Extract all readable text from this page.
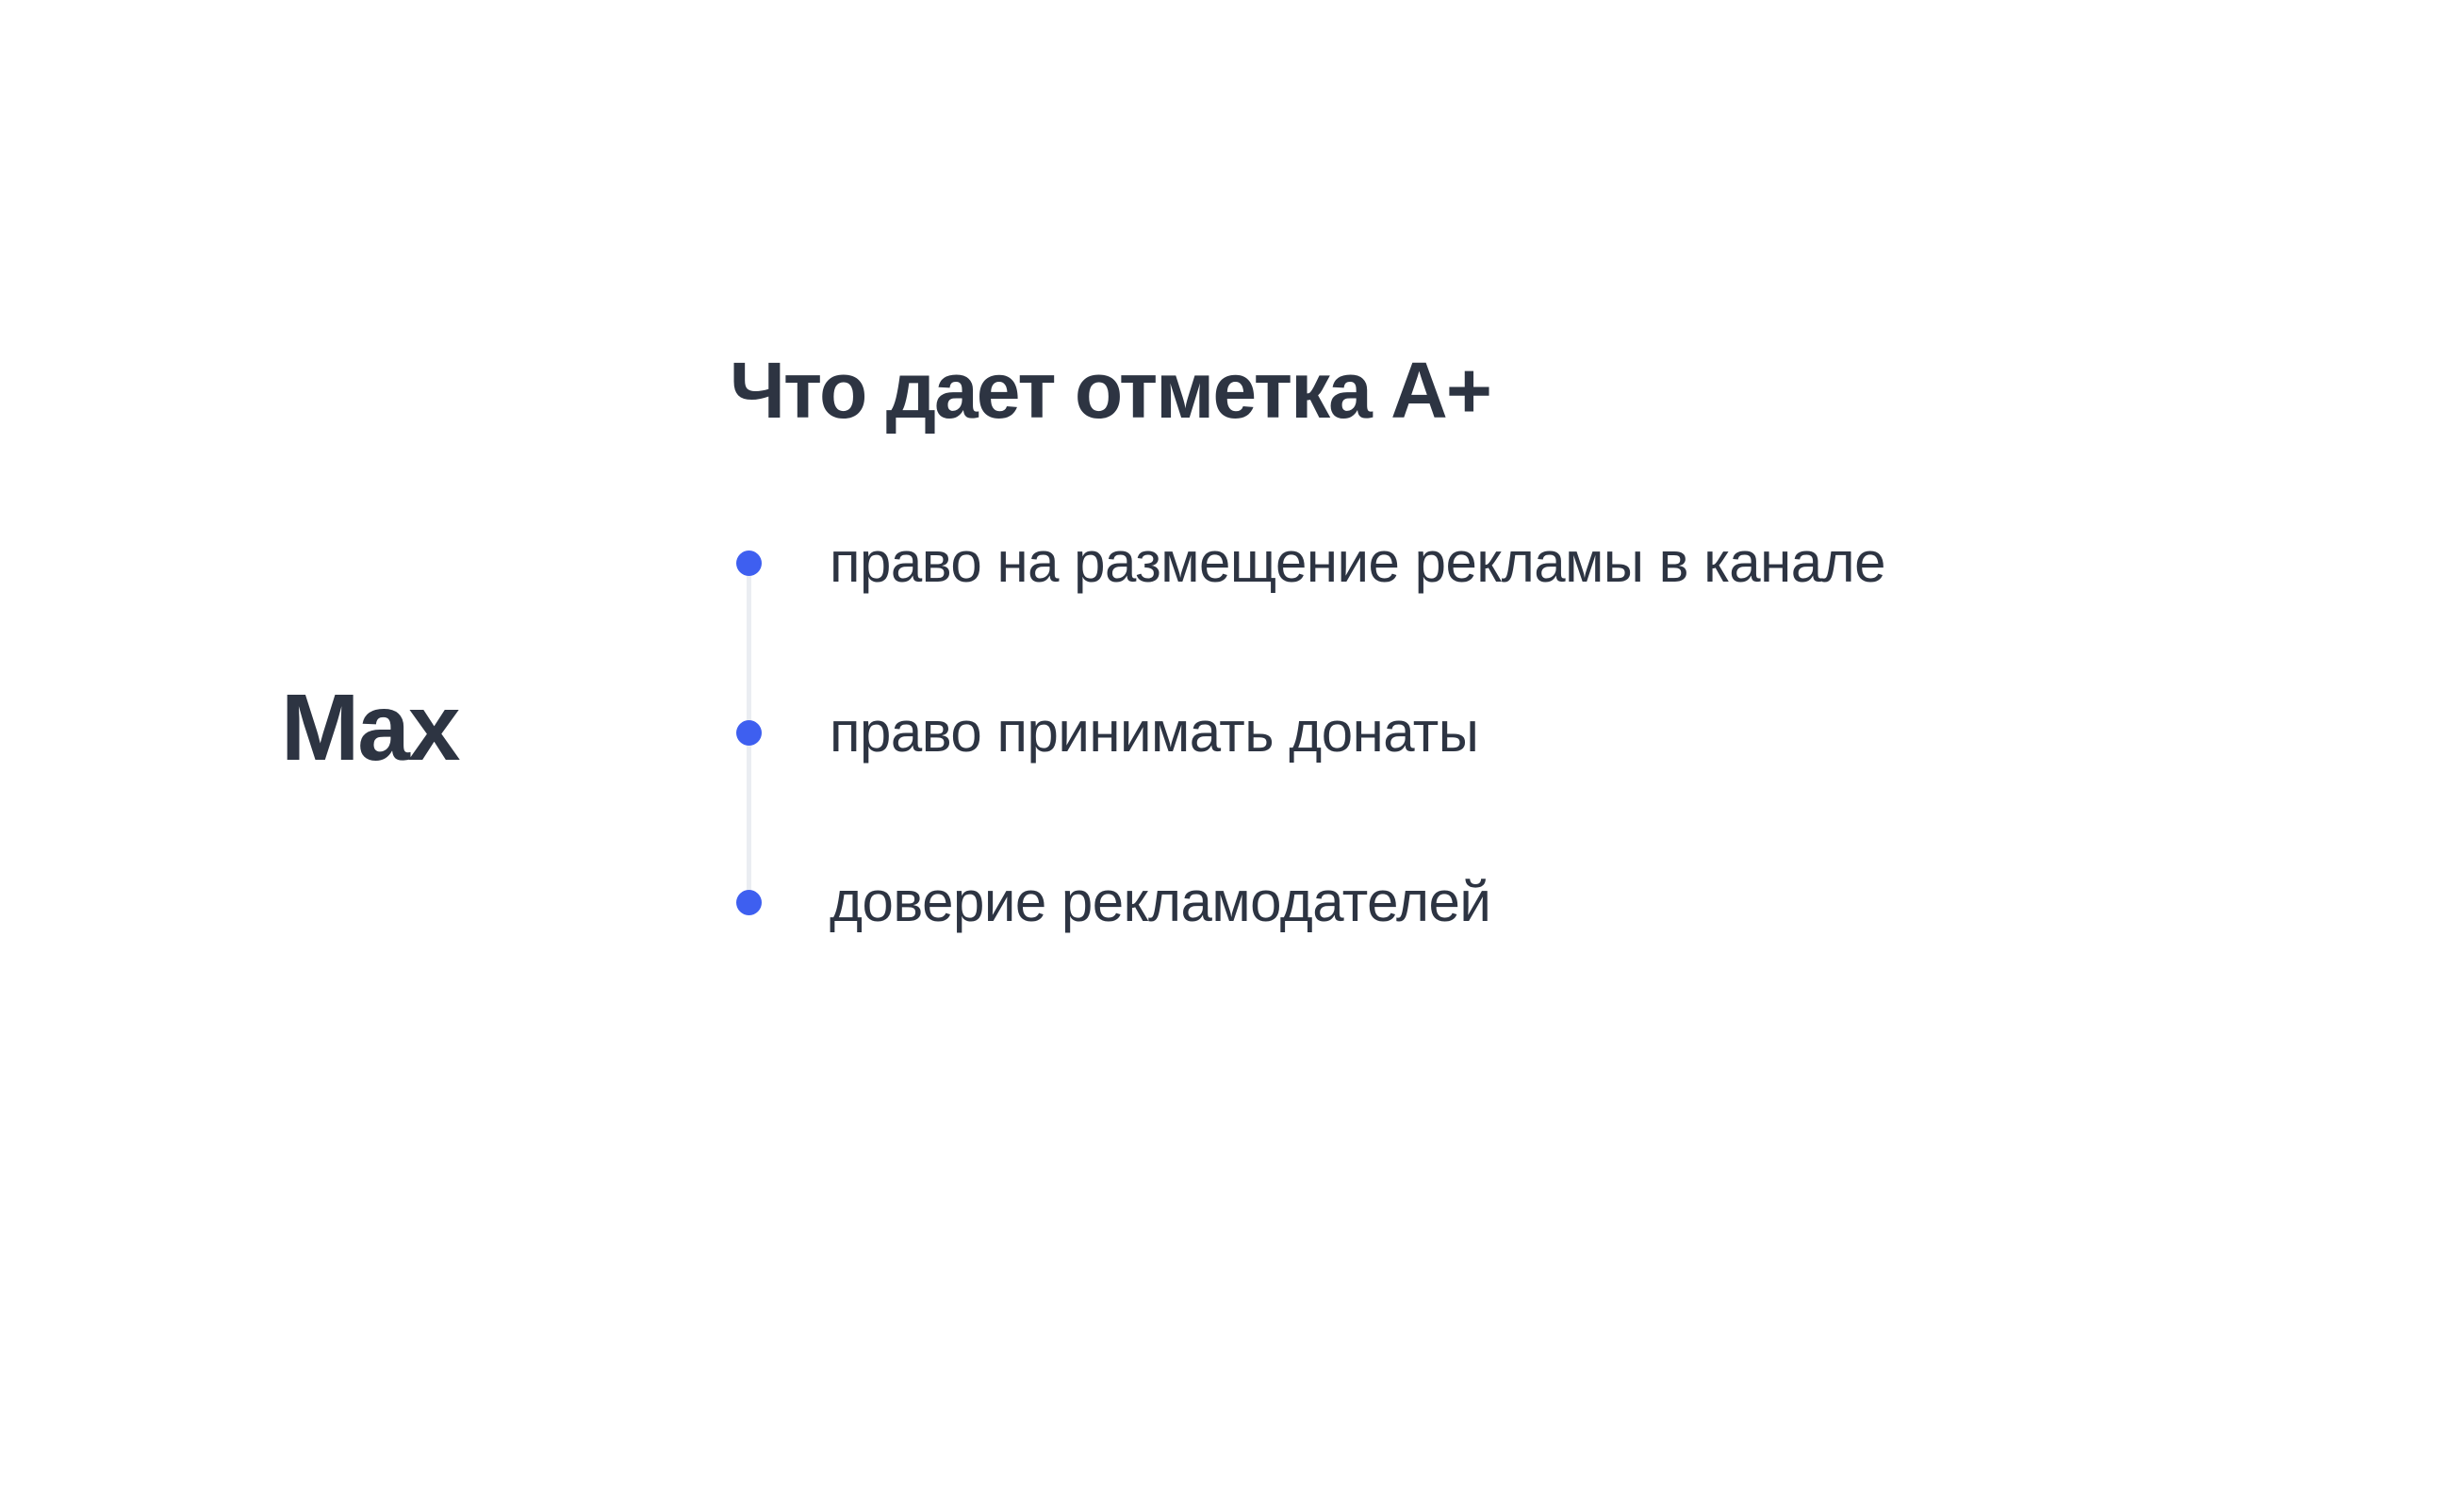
Max
Что дает отметка А+
право на размещение рекламы в канале
право принимать донаты
доверие рекламодателей
